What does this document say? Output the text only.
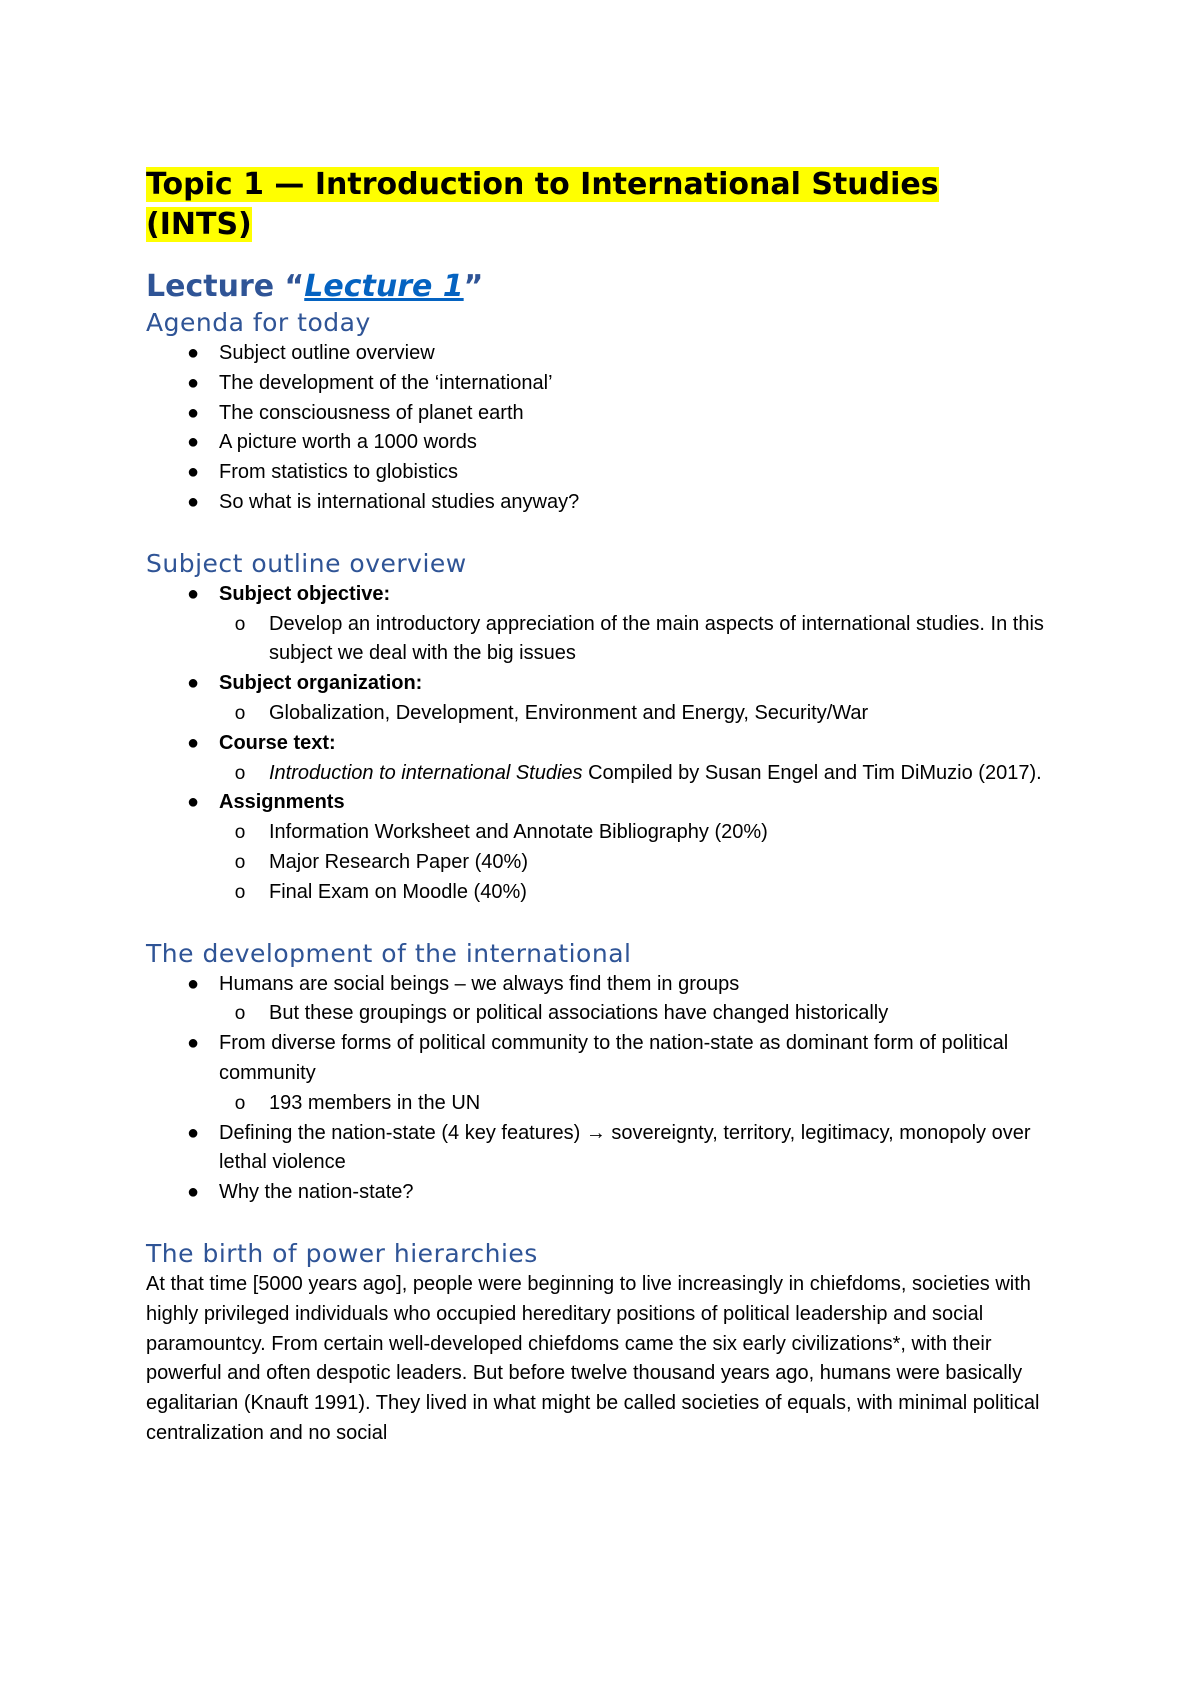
Topic 1 — Introduction to International Studies
(INTS)
Lecture “Lecture 1”
Agenda for today
● Subject outline overview
● The development of the ‘international’
● The consciousness of planet earth
● A picture worth a 1000 words
● From statistics to globistics
● So what is international studies anyway?
Subject outline overview
● Subject objective:
o Develop an introductory appreciation of the main aspects of international studies. In this subject we deal with the big issues
● Subject organization:
o Globalization, Development, Environment and Energy, Security/War
● Course text:
o Introduction to international Studies Compiled by Susan Engel and Tim DiMuzio (2017).
● Assignments
o Information Worksheet and Annotate Bibliography (20%)
o Major Research Paper (40%)
o Final Exam on Moodle (40%)
The development of the international
● Humans are social beings – we always find them in groups
o But these groupings or political associations have changed historically
● From diverse forms of political community to the nation-state as dominant form of political community
o 193 members in the UN
● Defining the nation-state (4 key features) → sovereignty, territory, legitimacy, monopoly over lethal violence
● Why the nation-state?
The birth of power hierarchies

At that time [5000 years ago], people were beginning to live increasingly in chiefdoms, societies with highly privileged individuals who occupied hereditary positions of political leadership and social paramountcy. From certain well-developed chiefdoms came the six early civilizations*, with their powerful and often despotic leaders. But before twelve thousand years ago, humans were basically egalitarian (Knauft 1991). They lived in what might be called societies of equals, with minimal political centralization and no social
